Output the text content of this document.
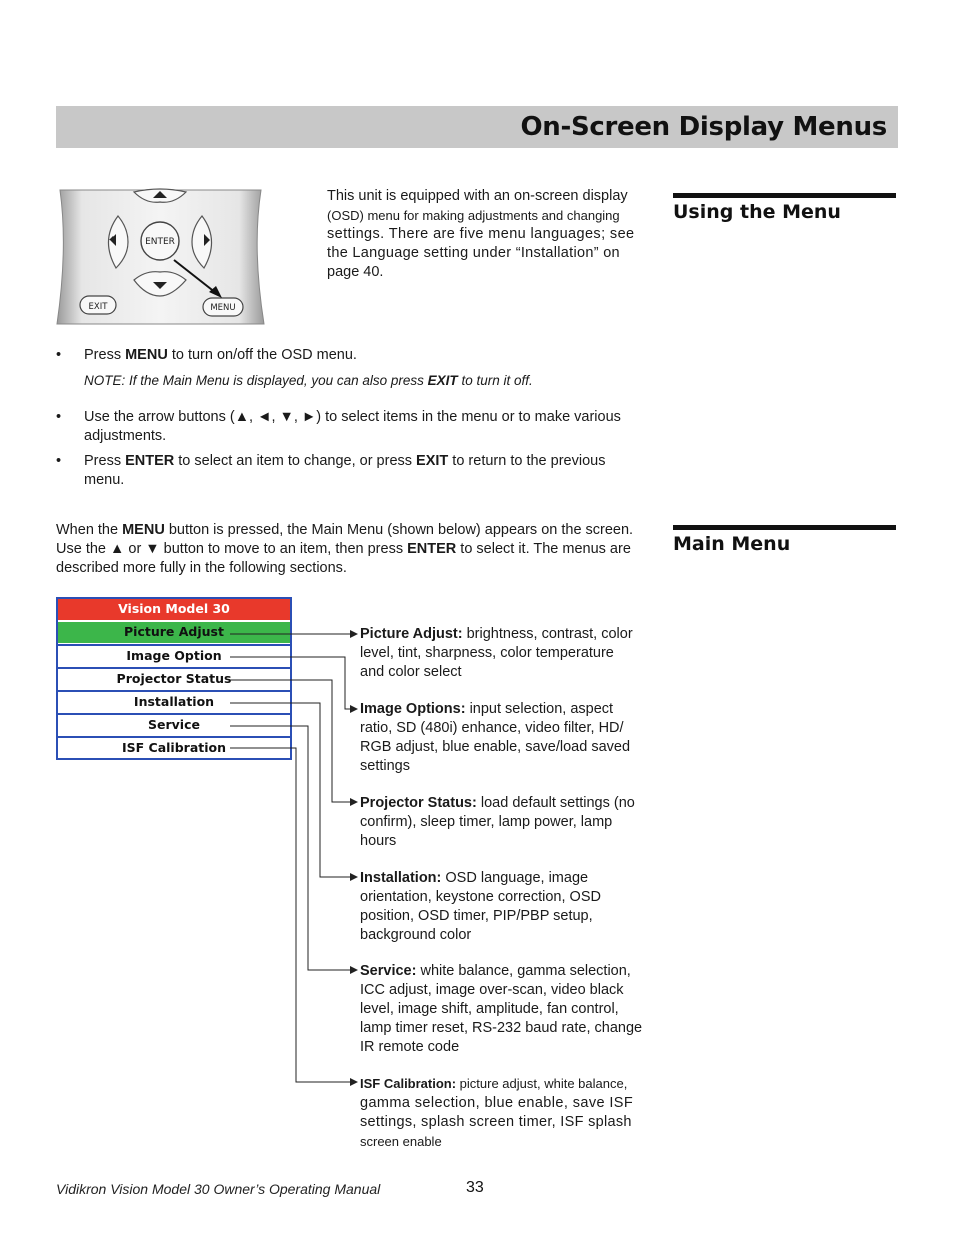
On-Screen Display Menus
ENTER
EXIT	MENU
This unit is equipped with an on-screen display
(OSD) menu for making adjustments and changing
settings. There are five menu languages; see
the Language setting under “Installation” on
page 40.
Using the Menu
Main Menu

• Press MENU to turn on/off the OSD menu.

NOTE: If the Main Menu is displayed, you can also press EXIT to turn it off.

• Use the arrow buttons (▲, ◄, ▼, ►) to select items in the menu or to make various
adjustments.

• Press ENTER to select an item to change, or press EXIT to return to the previous
menu.

When the MENU button is pressed, the Main Menu (shown below) appears on the screen.
Use the ▲ or ▼ button to move to an item, then press ENTER to select it. The menus are
described more fully in the following sections.
Vision Model 30
Picture Adjust
Image Option
Projector Status
Installation
Service
ISF Calibration
Picture Adjust: brightness, contrast, color
level, tint, sharpness, color temperature
and color select
Image Options: input selection, aspect
ratio, SD (480i) enhance, video filter, HD/
RGB adjust, blue enable, save/load saved
settings
Projector Status: load default settings (no
confirm), sleep timer, lamp power, lamp
hours
Installation: OSD language, image
orientation, keystone correction, OSD
position, OSD timer, PIP/PBP setup,
background color
Service: white balance, gamma selection,
ICC adjust, image over-scan, video black
level, image shift, amplitude, fan control,
lamp timer reset, RS-232 baud rate, change
IR remote code
ISF Calibration: picture adjust, white balance,
gamma selection, blue enable, save ISF
settings, splash screen timer, ISF splash
screen enable
Vidikron Vision Model 30 Owner’s Operating Manual	33
